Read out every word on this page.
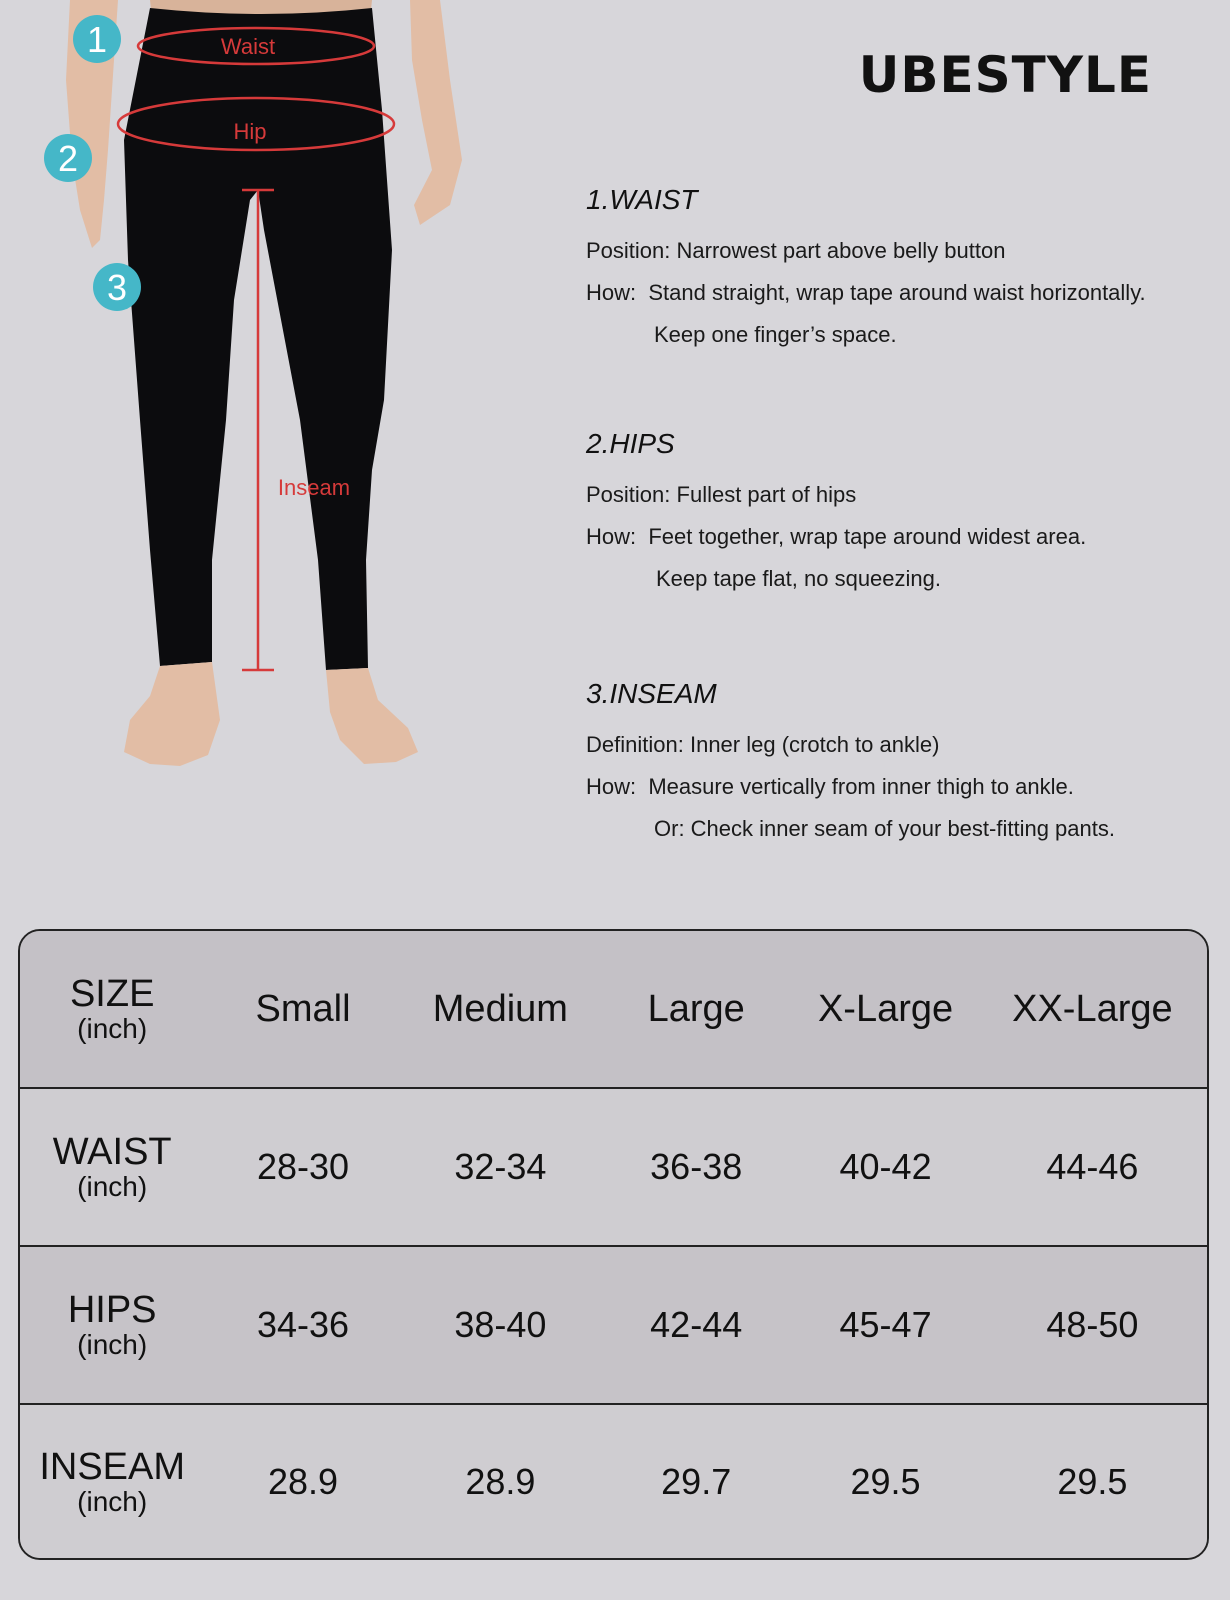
Waist
Hip
Inseam
1
2
3
UBESTYLE
1.WAIST
Position: Narrowest part above belly button
How: Stand straight, wrap tape around waist horizontally.
Keep one finger’s space.
2.HIPS
Position: Fullest part of hips
How: Feet together, wrap tape around widest area.
Keep tape flat, no squeezing.
3.INSEAM
Definition: Inner leg (crotch to ankle)
How: Measure vertically from inner thigh to ankle.
Or: Check inner seam of your best-fitting pants.
SIZE
(inch)	Small	Medium	Large	X-Large	XX-Large
WAIST
(inch)	28-30	32-34	36-38	40-42	44-46
HIPS
(inch)	34-36	38-40	42-44	45-47	48-50
INSEAM
(inch)	28.9	28.9	29.7	29.5	29.5
